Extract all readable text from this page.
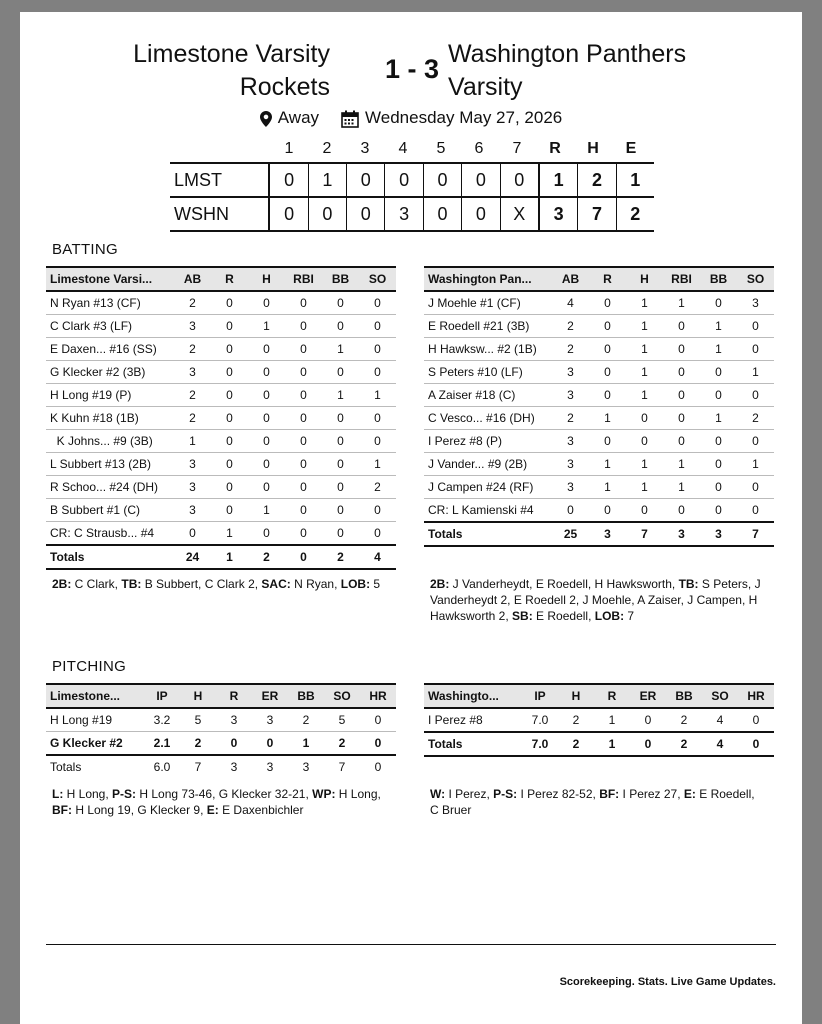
Limestone Varsity
Rockets
1 - 3 Washington Panthers
Varsity
Away	Wednesday May 27, 2026
1	2	3	4	5	6	7	R	H	E
LMST	0	1	0	0	0	0	0	1	2	1
WSHN	0	0	0	3	0	0	X	3	7	2
BATTING
Limestone Varsi...	AB	R	H	RBI	BB	SO
N Ryan #13 (CF)	2	0	0	0	0	0
C Clark #3 (LF)	3	0	1	0	0	0
E Daxen... #16 (SS)	2	0	0	0	1	0
G Klecker #2 (3B)	3	0	0	0	0	0
H Long #19 (P)	2	0	0	0	1	1
K Kuhn #18 (1B)	2	0	0	0	0	0
K Johns... #9 (3B)	1	0	0	0	0	0
L Subbert #13 (2B)	3	0	0	0	0	1
R Schoo... #24 (DH)	3	0	0	0	0	2
B Subbert #1 (C)	3	0	1	0	0	0
CR: C Strausb... #4	0	1	0	0	0	0
Totals	24	1	2	0	2	4
Washington Pan...	AB	R	H	RBI	BB	SO
J Moehle #1 (CF)	4	0	1	1	0	3
E Roedell #21 (3B)	2	0	1	0	1	0
H Hawksw... #2 (1B)	2	0	1	0	1	0
S Peters #10 (LF)	3	0	1	0	0	1
A Zaiser #18 (C)	3	0	1	0	0	0
C Vesco... #16 (DH)	2	1	0	0	1	2
I Perez #8 (P)	3	0	0	0	0	0
J Vander... #9 (2B)	3	1	1	1	0	1
J Campen #24 (RF)	3	1	1	1	0	0
CR: L Kamienski #4	0	0	0	0	0	0
Totals	25	3	7	3	3	7
2B: C Clark, TB: B Subbert, C Clark 2, SAC: N Ryan, LOB: 5	2B: J Vanderheydt, E Roedell, H Hawksworth, TB: S Peters, J Vanderheydt 2, E Roedell 2, J Moehle, A Zaiser, J Campen, H Hawksworth 2, SB: E Roedell, LOB: 7
PITCHING
Limestone...	IP	H	R	ER	BB	SO	HR
H Long #19	3.2	5	3	3	2	5	0
G Klecker #2	2.1	2	0	0	1	2	0
Totals	6.0	7	3	3	3	7	0
Washingto...	IP	H	R	ER	BB	SO	HR
I Perez #8	7.0	2	1	0	2	4	0
Totals	7.0	2	1	0	2	4	0
L: H Long, P-S: H Long 73-46, G Klecker 32-21, WP: H Long, BF: H Long 19, G Klecker 9, E: E Daxenbichler
W: I Perez, P-S: I Perez 82-52, BF: I Perez 27, E: E Roedell, C Bruer
Scorekeeping. Stats. Live Game Updates.
